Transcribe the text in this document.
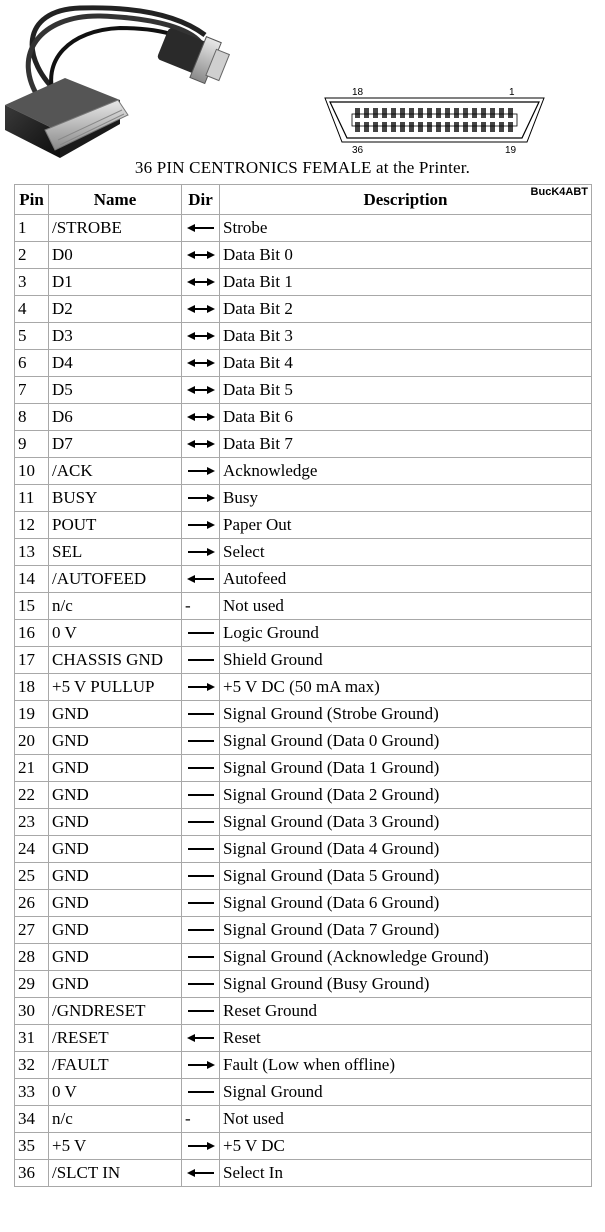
18	1
36	19
36 PIN CENTRONICS FEMALE at the Printer.
Pin	Name	Dir	Description BucK4ABT

1	/STROBE		Strobe
2	D0		Data Bit 0
3	D1		Data Bit 1
4	D2		Data Bit 2
5	D3		Data Bit 3
6	D4		Data Bit 4
7	D5		Data Bit 5
8	D6		Data Bit 6
9	D7		Data Bit 7
10	/ACK		Acknowledge
11	BUSY		Busy
12	POUT		Paper Out
13	SEL		Select
14	/AUTOFEED		Autofeed
15	n/c	-	Not used
16	0 V		Logic Ground
17	CHASSIS GND		Shield Ground
18	+5 V PULLUP		+5 V DC (50 mA max)
19	GND		Signal Ground (Strobe Ground)
20	GND		Signal Ground (Data 0 Ground)
21	GND		Signal Ground (Data 1 Ground)
22	GND		Signal Ground (Data 2 Ground)
23	GND		Signal Ground (Data 3 Ground)
24	GND		Signal Ground (Data 4 Ground)
25	GND		Signal Ground (Data 5 Ground)
26	GND		Signal Ground (Data 6 Ground)
27	GND		Signal Ground (Data 7 Ground)
28	GND		Signal Ground (Acknowledge Ground)
29	GND		Signal Ground (Busy Ground)
30	/GNDRESET		Reset Ground
31	/RESET		Reset
32	/FAULT		Fault (Low when offline)
33	0 V		Signal Ground
34	n/c	-	Not used
35	+5 V		+5 V DC
36	/SLCT IN		Select In
